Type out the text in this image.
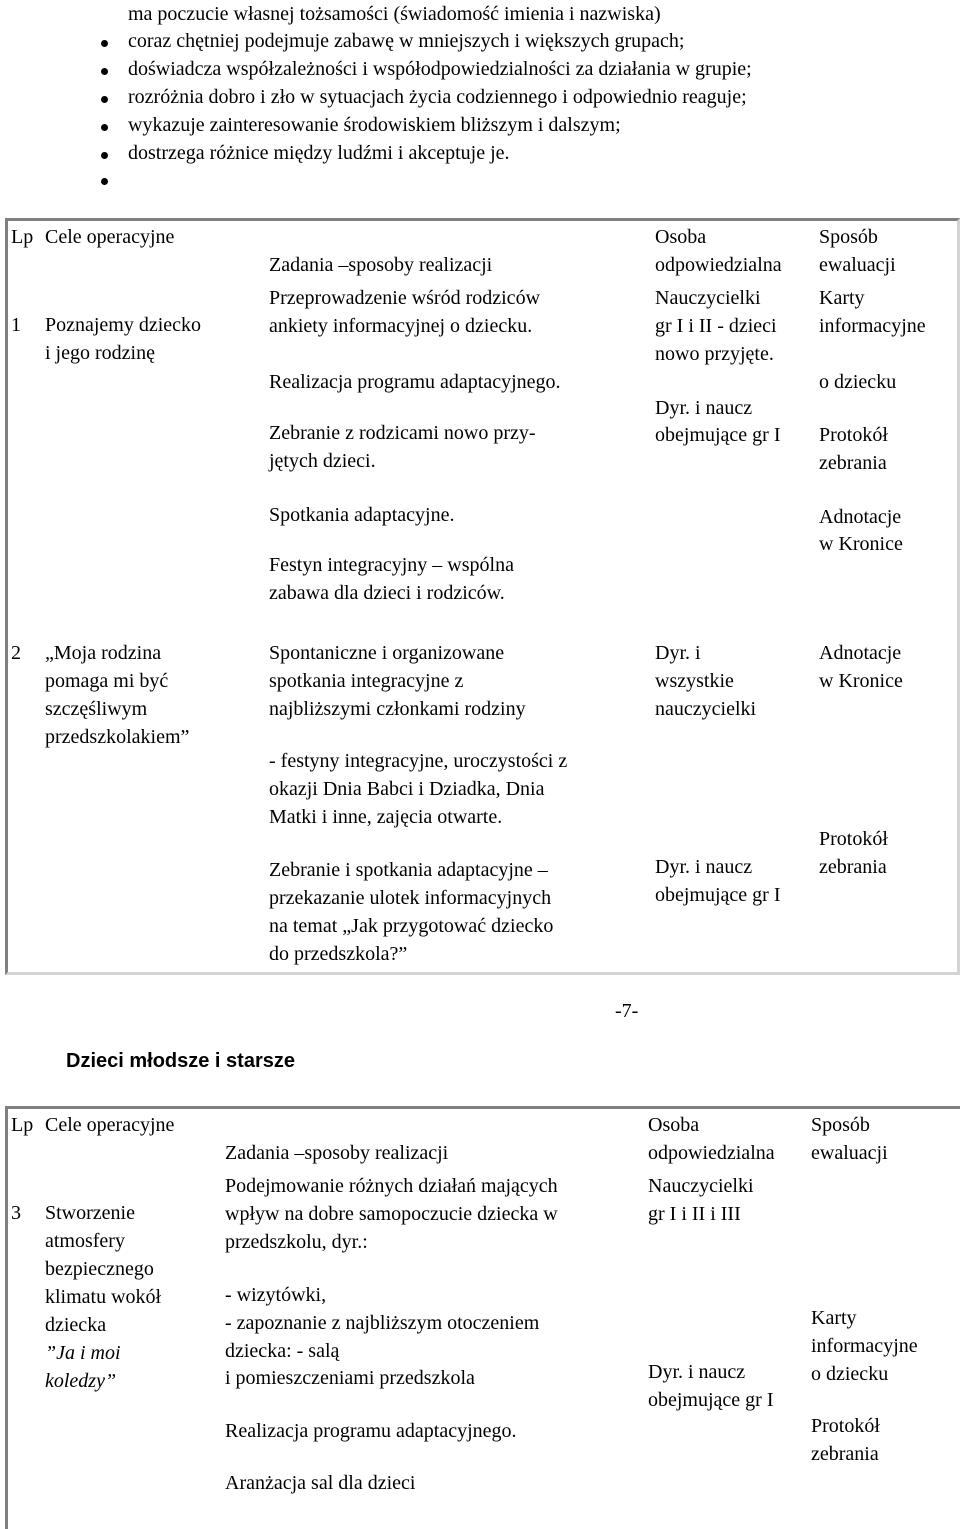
ma poczucie własnej tożsamości (świadomość imienia i nazwiska)
coraz chętniej podejmuje zabawę w mniejszych i większych grupach;
doświadcza współzależności i współodpowiedzialności za działania w grupie;
rozróżnia dobro i zło w sytuacjach życia codziennego i odpowiednio reaguje;
wykazuje zainteresowanie środowiskiem bliższym i dalszym;
dostrzega różnice między ludźmi i akceptuje je.
Lp Cele operacyjne
Zadania –sposoby realizacji
Osoba
odpowiedzialna
Sposób
ewaluacji
1 Poznajemy dziecko
i jego rodzinę
Przeprowadzenie wśród rodziców
ankiety informacyjnej o dziecku.
Realizacja programu adaptacyjnego.
Zebranie z rodzicami nowo przy-
jętych dzieci.
Spotkania adaptacyjne.
Festyn integracyjny – wspólna
zabawa dla dzieci i rodziców.
Nauczycielki
gr I i II - dzieci
nowo przyjęte.
Dyr. i naucz
obejmujące gr I
Karty
informacyjne
o dziecku
Protokół
zebrania
Adnotacje
w Kronice
2 „Moja rodzina
pomaga mi być
szczęśliwym
przedszkolakiem”
Spontaniczne i organizowane
spotkania integracyjne z
najbliższymi członkami rodziny
- festyny integracyjne, uroczystości z
okazji Dnia Babci i Dziadka, Dnia
Matki i inne, zajęcia otwarte.
Zebranie i spotkania adaptacyjne –
przekazanie ulotek informacyjnych
na temat „Jak przygotować dziecko
do przedszkola?”
Dyr. i
wszystkie
nauczycielki
Dyr. i naucz
obejmujące gr I
Adnotacje
w Kronice
Protokół
zebrania
-7-
Dzieci młodsze i starsze
Lp Cele operacyjne
Zadania –sposoby realizacji
Osoba
odpowiedzialna
Sposób
ewaluacji
3 Stworzenie
atmosfery
bezpiecznego
klimatu wokół
dziecka
”Ja i moi
koledzy”
Podejmowanie różnych działań mających
wpływ na dobre samopoczucie dziecka w
przedszkolu, dyr.:
- wizytówki,
- zapoznanie z najbliższym otoczeniem
dziecka: - salą
i pomieszczeniami przedszkola
Realizacja programu adaptacyjnego.
Aranżacja sal dla dzieci
Nauczycielki
gr I i II i III
Dyr. i naucz
obejmujące gr I
Karty
informacyjne
o dziecku
Protokół
zebrania
